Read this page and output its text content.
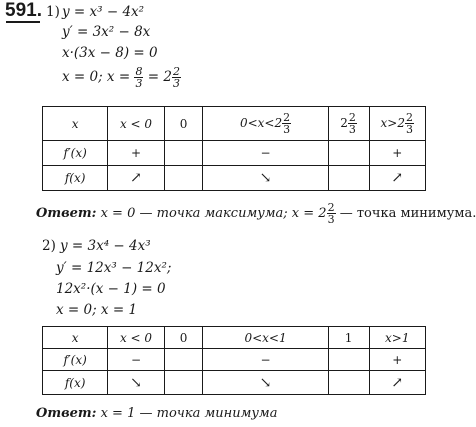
591. 1) y = x³ − 4x²
y′ = 3x² − 8x
x·(3x − 8) = 0
x = 0; $x = \frac{8}{3} = 2 \frac{2}{3}$
x	x < 0	0	$0<x<2 \frac{2}{3}$	$2 \frac{2}{3}$	$x>2 \frac{2}{3}$

f′(x)	+		−		+
f(x)	↗		↘		↗
Ответ: x = 0 — точка максимума; $x = 2 \frac{2}{3}$ — точка минимума.
2) y = 3x⁴ − 4x³
y′ = 12x³ − 12x²;
12x²·(x − 1) = 0
x = 0; x = 1
x	x < 0	0	0<x<1	1	x>1
f′(x)	−		−		+
f(x)	↘		↘		↗
Ответ: x = 1 — точка минимума
